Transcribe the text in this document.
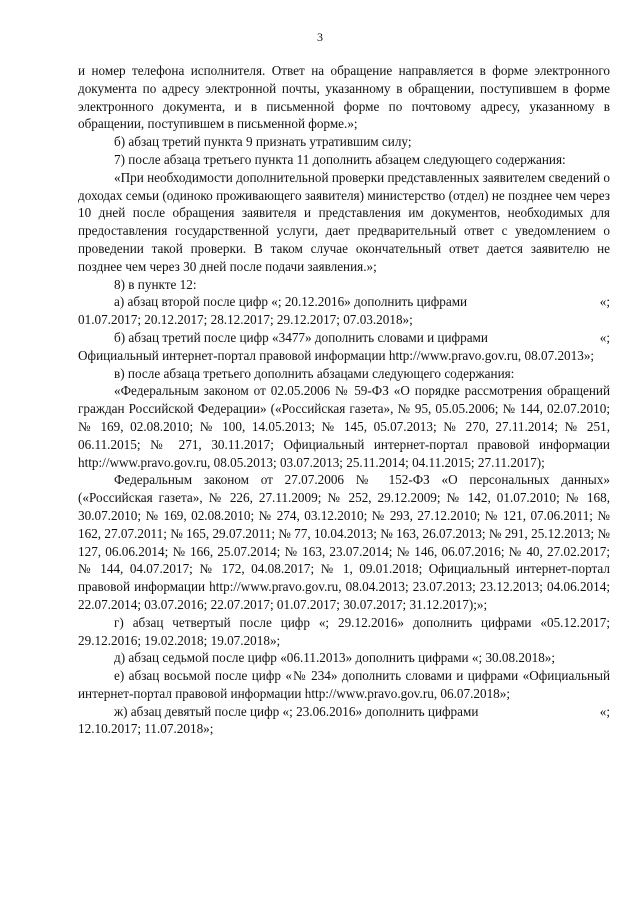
3

и номер телефона исполнителя. Ответ на обращение направляется в форме электронного документа по адресу электронной почты, указанному в обращении, поступившем в форме электронного документа, и в письменной форме по почтовому адресу, указанному в обращении, поступившем в письменной форме.»;

б) абзац третий пункта 9 признать утратившим силу;

7) после абзаца третьего пункта 11 дополнить абзацем следующего содержания:

«При необходимости дополнительной проверки представленных заявителем сведений о доходах семьи (одиноко проживающего заявителя) министерство (отдел) не позднее чем через 10 дней после обращения заявителя и представления им документов, необходимых для предоставления государственной услуги, дает предварительный ответ с уведомлением о проведении такой проверки. В таком случае окончательный ответ дается заявителю не позднее чем через 30 дней после подачи заявления.»;

8) в пункте 12:

а) абзац второй после цифр «; 20.12.2016» дополнить цифрами	«;

01.07.2017; 20.12.2017; 28.12.2017; 29.12.2017; 07.03.2018»;

б) абзац третий после цифр «3477» дополнить словами и цифрами	«;

Официальный интернет-портал правовой информации http://www.pravo.gov.ru, 08.07.2013»;

в) после абзаца третьего дополнить абзацами следующего содержания:

«Федеральным законом от 02.05.2006 № 59-ФЗ «О порядке рассмотрения обращений граждан Российской Федерации» («Российская газета», № 95, 05.05.2006; № 144, 02.07.2010; № 169, 02.08.2010; № 100, 14.05.2013; № 145, 05.07.2013; № 270, 27.11.2014; № 251, 06.11.2015; № 271, 30.11.2017; Официальный интернет-портал правовой информации http://www.pravo.gov.ru, 08.05.2013; 03.07.2013; 25.11.2014; 04.11.2015; 27.11.2017);

Федеральным законом от 27.07.2006 № 152-ФЗ «О персональных данных» («Российская газета», № 226, 27.11.2009; № 252, 29.12.2009; № 142, 01.07.2010; № 168, 30.07.2010; № 169, 02.08.2010; № 274, 03.12.2010; № 293, 27.12.2010; № 121, 07.06.2011; № 162, 27.07.2011; № 165, 29.07.2011; № 77, 10.04.2013; № 163, 26.07.2013; № 291, 25.12.2013; № 127, 06.06.2014; № 166, 25.07.2014; № 163, 23.07.2014; № 146, 06.07.2016; № 40, 27.02.2017; № 144, 04.07.2017; № 172, 04.08.2017; № 1, 09.01.2018; Официальный интернет-портал правовой информации http://www.pravo.gov.ru, 08.04.2013; 23.07.2013; 23.12.2013; 04.06.2014; 22.07.2014; 03.07.2016; 22.07.2017; 01.07.2017; 30.07.2017; 31.12.2017);»;

г) абзац четвертый после цифр «; 29.12.2016» дополнить цифрами «05.12.2017; 29.12.2016; 19.02.2018; 19.07.2018»;

д) абзац седьмой после цифр «06.11.2013» дополнить цифрами «; 30.08.2018»;

е) абзац восьмой после цифр «№ 234» дополнить словами и цифрами «Официальный интернет-портал правовой информации http://www.pravo.gov.ru, 06.07.2018»;

ж) абзац девятый после цифр «; 23.06.2016» дополнить цифрами	«;

12.10.2017; 11.07.2018»;
